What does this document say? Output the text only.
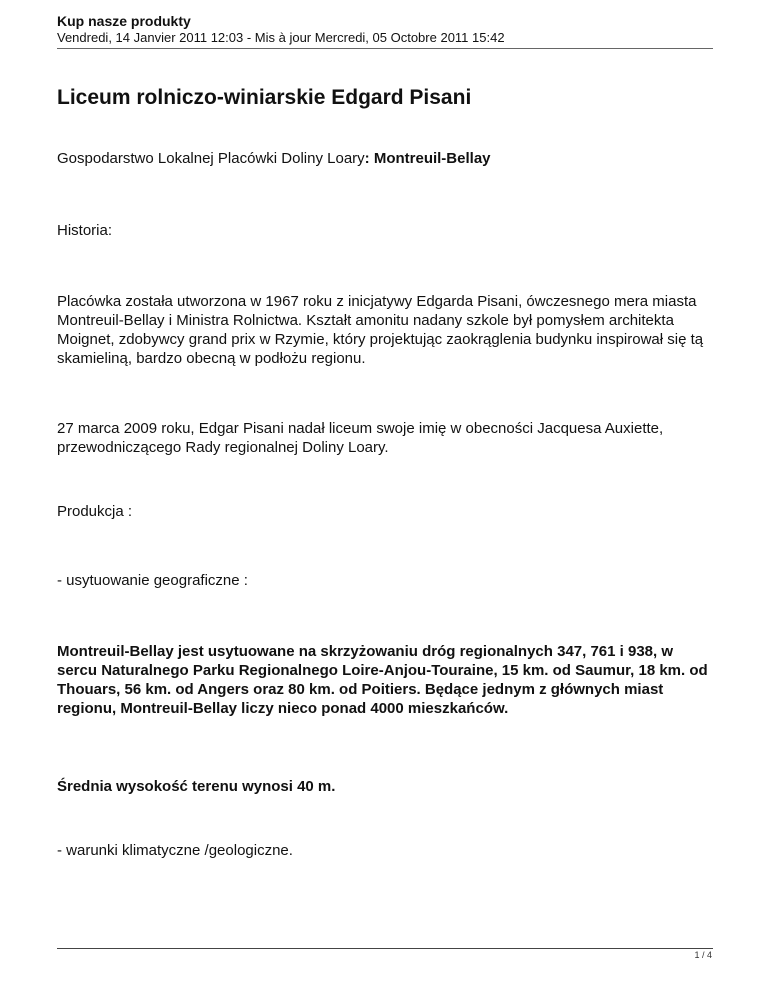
Kup nasze produkty
Vendredi, 14 Janvier 2011 12:03 - Mis à jour Mercredi, 05 Octobre 2011 15:42
Liceum rolniczo-winiarskie Edgard Pisani

Gospodarstwo Lokalnej Placówki Doliny Loary: Montreuil-Bellay

Historia:

Placówka została utworzona w 1967 roku z inicjatywy Edgarda Pisani, ówczesnego mera miasta Montreuil-Bellay i Ministra Rolnictwa. Kształt amonitu nadany szkole był pomysłem architekta Moignet, zdobywcy grand prix w Rzymie, który projektując zaokrąglenia budynku inspirował się tą skamieliną, bardzo obecną w podłożu regionu.

27 marca 2009 roku, Edgar Pisani nadał liceum swoje imię w obecności Jacquesa Auxiette, przewodniczącego Rady regionalnej Doliny Loary.

Produkcja :

- usytuowanie geograficzne :

Montreuil-Bellay jest usytuowane na skrzyżowaniu dróg regionalnych 347, 761 i 938, w sercu Naturalnego Parku Regionalnego Loire-Anjou-Touraine, 15 km. od Saumur, 18 km. od Thouars, 56 km. od Angers oraz 80 km. od Poitiers. Będące jednym z głównych miast regionu, Montreuil-Bellay liczy nieco ponad 4000 mieszkańców.

Średnia wysokość terenu wynosi 40 m.

- warunki klimatyczne /geologiczne.

1 / 4
